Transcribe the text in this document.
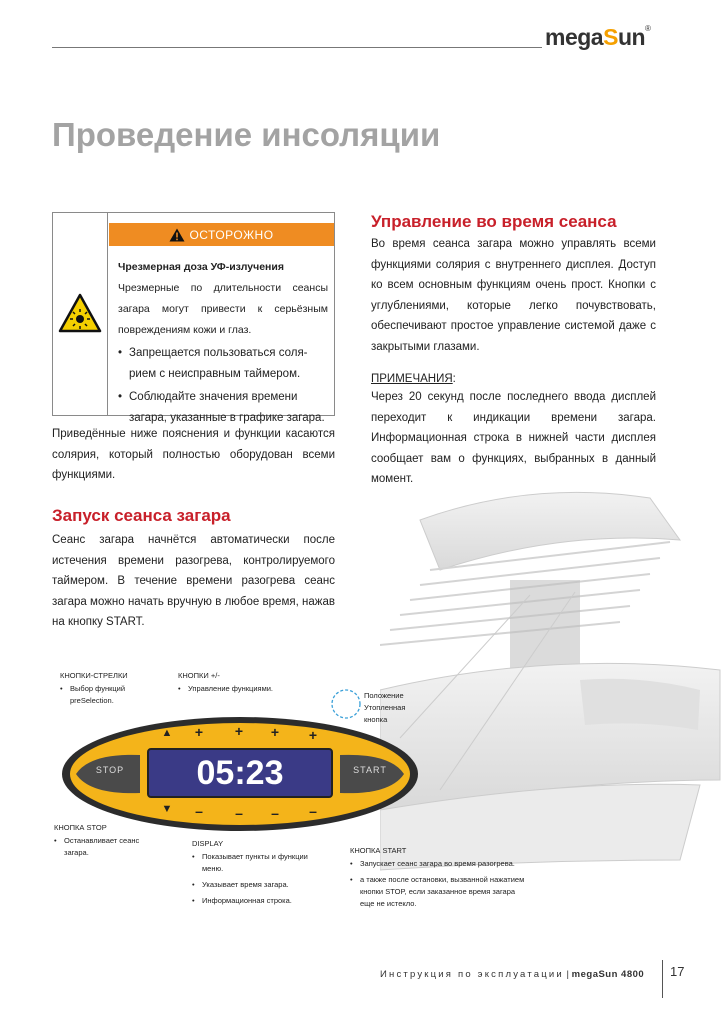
megaSun®
Проведение инсоляции
ОСТОРОЖНО
Чрезмерная доза УФ-излучения
Чрезмерные по длительности сеансы
загара могут привести к серьёзным
повреждениям кожи и глаз.
• Запрещается пользоваться соля-
рием с неисправным таймером.
• Соблюдайте значения времени
загара, указанные в графике загара.
Приведённые ниже пояснения и функции касаются солярия, который полностью оборудован всеми функциями.
Запуск сеанса загара
Сеанс загара начнётся автоматически после истечения времени разогрева, контролируемого таймером. В течение времени разогрева сеанс загара можно начать вручную в любое время, нажав на кнопку START.
Управление во время сеанса
Во время сеанса загара можно управлять всеми функциями солярия с внутреннего дисплея. Доступ ко всем основным функциям очень прост. Кнопки с углублениями, которые легко почувствовать, обеспечивают простое управление системой даже с закрытыми глазами.
ПРИМЕЧАНИЯ:
Через 20 секунд после последнего ввода дисплей переходит к индикации времени загара. Информационная строка в нижней части дисплея сообщает вам о функциях, выбранных в данный момент.
Положение Утопленная кнопка
STOP	START
05:23
▲	+	+	+	+
▼	–	–	–	–
КНОПКИ-СТРЕЛКИ
• Выбор функций preSelection.
КНОПКИ +/-
• Управление функциями.
КНОПКА STOP
• Останавливает сеанс загара.
DISPLAY
• Показывает пункты и функции меню.
• Указывает время загара.
• Информационная строка.
КНОПКА START
• Запускает сеанс загара во время разогрева.
• а также после остановки, вызванной нажатием кнопки STOP, если заказанное время загара еще не истекло.
Инструкция по эксплуатации | megaSun 4800 17
